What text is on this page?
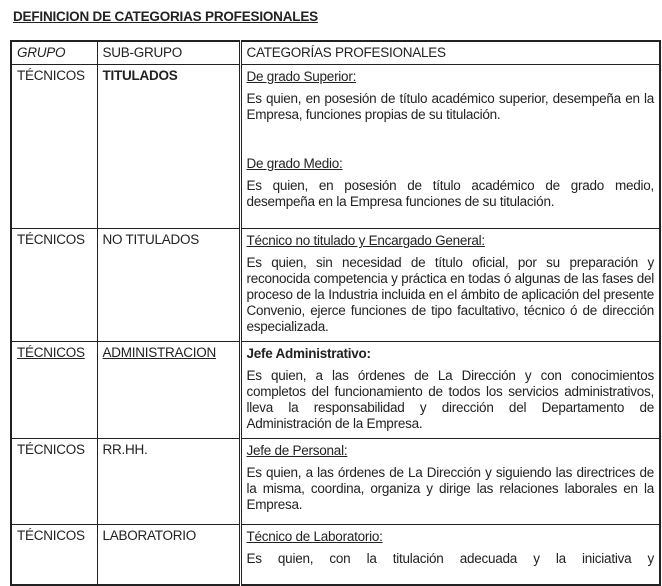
DEFINICION DE CATEGORIAS PROFESIONALES
GRUPO	SUB-GRUPO	CATEGORÍAS PROFESIONALES
TÉCNICOS	TITULADOS	De grado Superior:

Es quien, en posesión de título académico superior, desempeña en la Empresa, funciones propias de su titulación.

De grado Medio:

Es quien, en posesión de título académico de grado medio, desempeña en la Empresa funciones de su titulación.

TÉCNICOS	NO TITULADOS	Técnico no titulado y Encargado General:

Es quien, sin necesidad de título oficial, por su preparación y reconocida competencia y práctica en todas ó algunas de las fases del proceso de la Industria incluida en el ámbito de aplicación del presente Convenio, ejerce funciones de tipo facultativo, técnico ó de dirección especializada.

TÉCNICOS	ADMINISTRACION	Jefe Administrativo:

Es quien, a las órdenes de La Dirección y con conocimientos completos del funcionamiento de todos los servicios administrativos, lleva la responsabilidad y dirección del Departamento de Administración de la Empresa.

TÉCNICOS	RR.HH.	Jefe de Personal:

Es quien, a las órdenes de La Dirección y siguiendo las directrices de la misma, coordina, organiza y dirige las relaciones laborales en la Empresa.

TÉCNICOS	LABORATORIO	Técnico de Laboratorio:

Es quien, con la titulación adecuada y la iniciativa y
